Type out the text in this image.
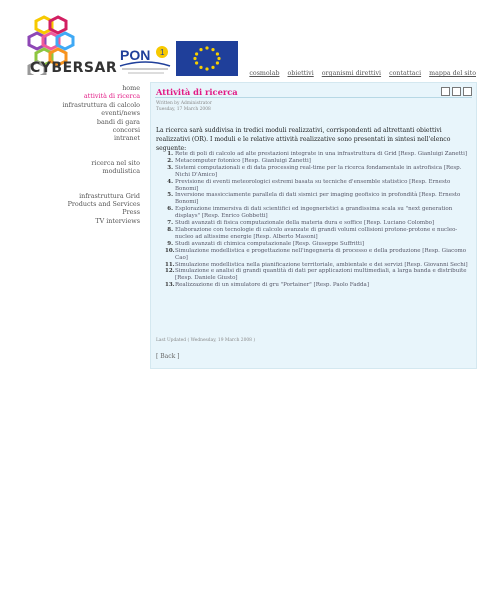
CYBERSAR
PON 1
cosmolab obiettivi organismi direttivi contattaci mappa del sito
home
attività di ricerca
infrastruttura di calcolo
eventi/news
bandi di gara
concorsi
intranet
ricerca nel sito
modulistica
infrastruttura Grid
Products and Services
Press
TV interviews
Attività di ricerca
Written by Administrator
Tuesday, 17 March 2008
La ricerca sarà suddivisa in tredici moduli realizzativi, corrispondenti ad altrettanti obiettivi realizzativi (OR). I moduli e le relative attività realizzative sono presentati in sintesi nell'elenco seguente:
1. Rete di poli di calcolo ad alte prestazioni integrate in una infrastruttura di Grid [Resp. Gianluigi Zanetti]
2. Metacomputer fotonico [Resp. Gianluigi Zanetti]
3. Sistemi computazionali e di data processing real-time per la ricerca fondamentale in astrofisica [Resp. Nichi D'Amico]
4. Previsione di eventi meteorologici estremi basata su tecniche d'ensemble statistico [Resp. Ernesto Bonomi]
5. Inversione massicciamente parallela di dati sismici per imaging geofisico in profondità [Resp. Ernesto Bonomi]
6. Esplorazione immersiva di dati scientifici ed ingegneristici a grandissima scala su "next generation displays" [Resp. Enrico Gobbetti]
7. Studi avanzati di fisica computazionale della materia dura e soffice [Resp. Luciano Colombo]
8. Elaborazione con tecnologie di calcolo avanzate di grandi volumi collisioni protone-protone e nucleo-nucleo ad altissime energie [Resp. Alberto Masoni]
9. Studi avanzati di chimica computazionale [Resp. Giuseppe Suffritti]
10. Simulazione modellistica e progettazione nell'ingegneria di processo e della produzione [Resp. Giacomo Cao]
11. Simulazione modellistica nella pianificazione territoriale, ambientale e dei servizi [Resp. Giovanni Sechi]
12. Simulazione e analisi di grandi quantità di dati per applicazioni multimediali, a larga banda e distribuite [Resp. Daniele Giusto]
13. Realizzazione di un simulatore di gru "Portainer" [Resp. Paolo Fadda]
Last Updated ( Wednesday, 19 March 2008 )
[ Back ]
